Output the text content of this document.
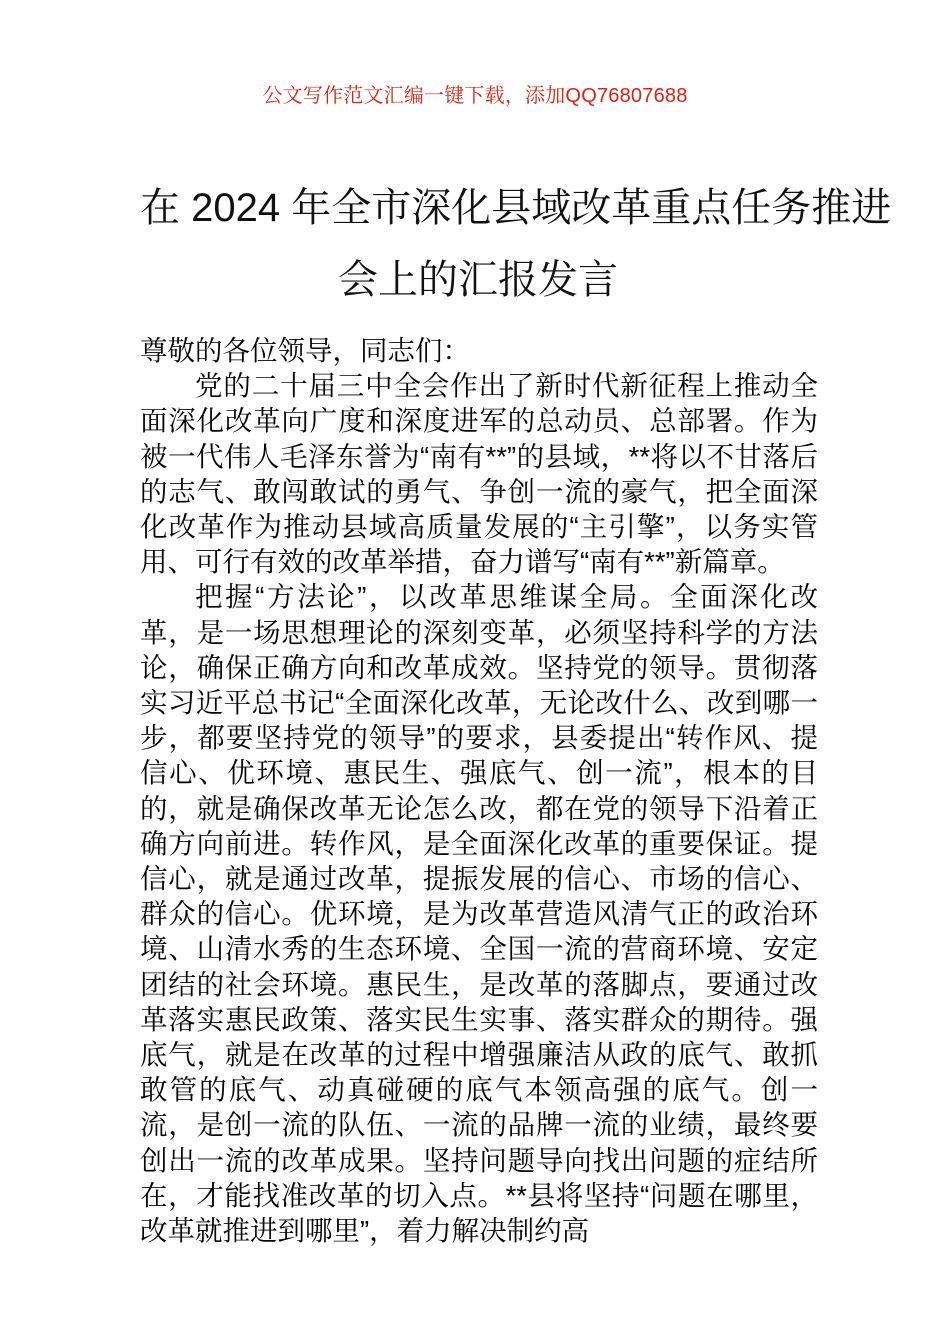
公文写作范文汇编一键下载，添加QQ76807688
在 2024 年全市深化县域改革重点任务推进
会上的汇报发言

尊敬的各位领导，同志们：

党的二十届三中全会作出了新时代新征程上推动全面深化改革向广度和深度进军的总动员、总部署。作为被一代伟人毛泽东誉为“南有**”的县域，**将以不甘落后的志气、敢闯敢试的勇气、争创一流的豪气，把全面深化改革作为推动县域高质量发展的“主引擎”，以务实管用、可行有效的改革举措，奋力谱写“南有**”新篇章。

把握“方法论”，以改革思维谋全局。全面深化改革，是一场思想理论的深刻变革，必须坚持科学的方法论，确保正确方向和改革成效。坚持党的领导。贯彻落实习近平总书记“全面深化改革，无论改什么、改到哪一步，都要坚持党的领导”的要求，县委提出“转作风、提信心、优环境、惠民生、强底气、创一流”，根本的目的，就是确保改革无论怎么改，都在党的领导下沿着正确方向前进。转作风，是全面深化改革的重要保证。提信心，就是通过改革，提振发展的信心、市场的信心、群众的信心。优环境，是为改革营造风清气正的政治环境、山清水秀的生态环境、全国一流的营商环境、安定团结的社会环境。惠民生，是改革的落脚点，要通过改革落实惠民政策、落实民生实事、落实群众的期待。强底气，就是在改革的过程中增强廉洁从政的底气、敢抓敢管的底气、动真碰硬的底气本领高强的底气。创一流，是创一流的队伍、一流的品牌一流的业绩，最终要创出一流的改革成果。坚持问题导向找出问题的症结所在，才能找准改革的切入点。**县将坚持“问题在哪里，改革就推进到哪里”，着力解决制约高
